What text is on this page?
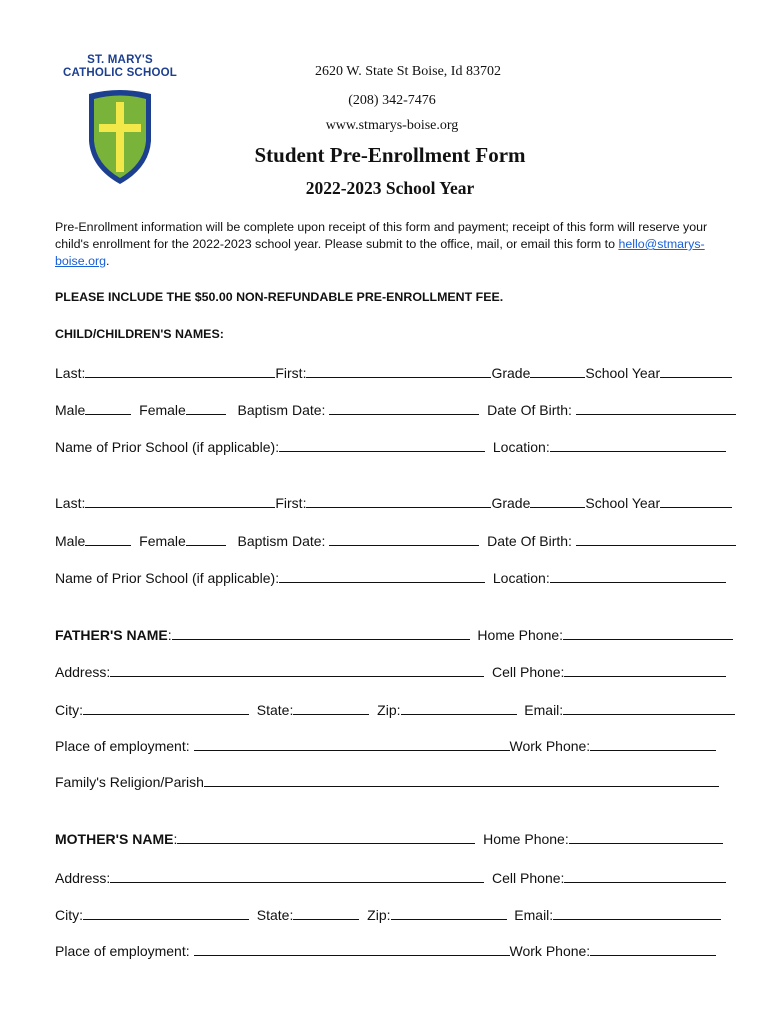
ST. MARY'S
CATHOLIC SCHOOL	2620 W. State St Boise, Id 83702
(208) 342-7476
www.stmarys-boise.org
Student Pre-Enrollment Form
2022-2023 School Year
Pre-Enrollment information will be complete upon receipt of this form and payment; receipt of this form will reserve your child's enrollment for the 2022-2023 school year. Please submit to the office, mail, or email this form to hello@stmarys-boise.org.
PLEASE INCLUDE THE $50.00 NON-REFUNDABLE PRE-ENROLLMENT FEE.
CHILD/CHILDREN'S NAMES:
Last:	First:	Grade	School Year
Male	Female	Baptism Date:	Date Of Birth:
Name of Prior School (if applicable):	Location:
Last:	First:	Grade	School Year
Male	Female	Baptism Date:	Date Of Birth:
Name of Prior School (if applicable):	Location:
FATHER'S NAME:	Home Phone:
Address:	Cell Phone:
City:	State:	Zip:	Email:
Place of employment:	Work Phone:
Family's Religion/Parish
MOTHER'S NAME:	Home Phone:
Address:	Cell Phone:
City:	State:	Zip:	Email:
Place of employment:	Work Phone:
